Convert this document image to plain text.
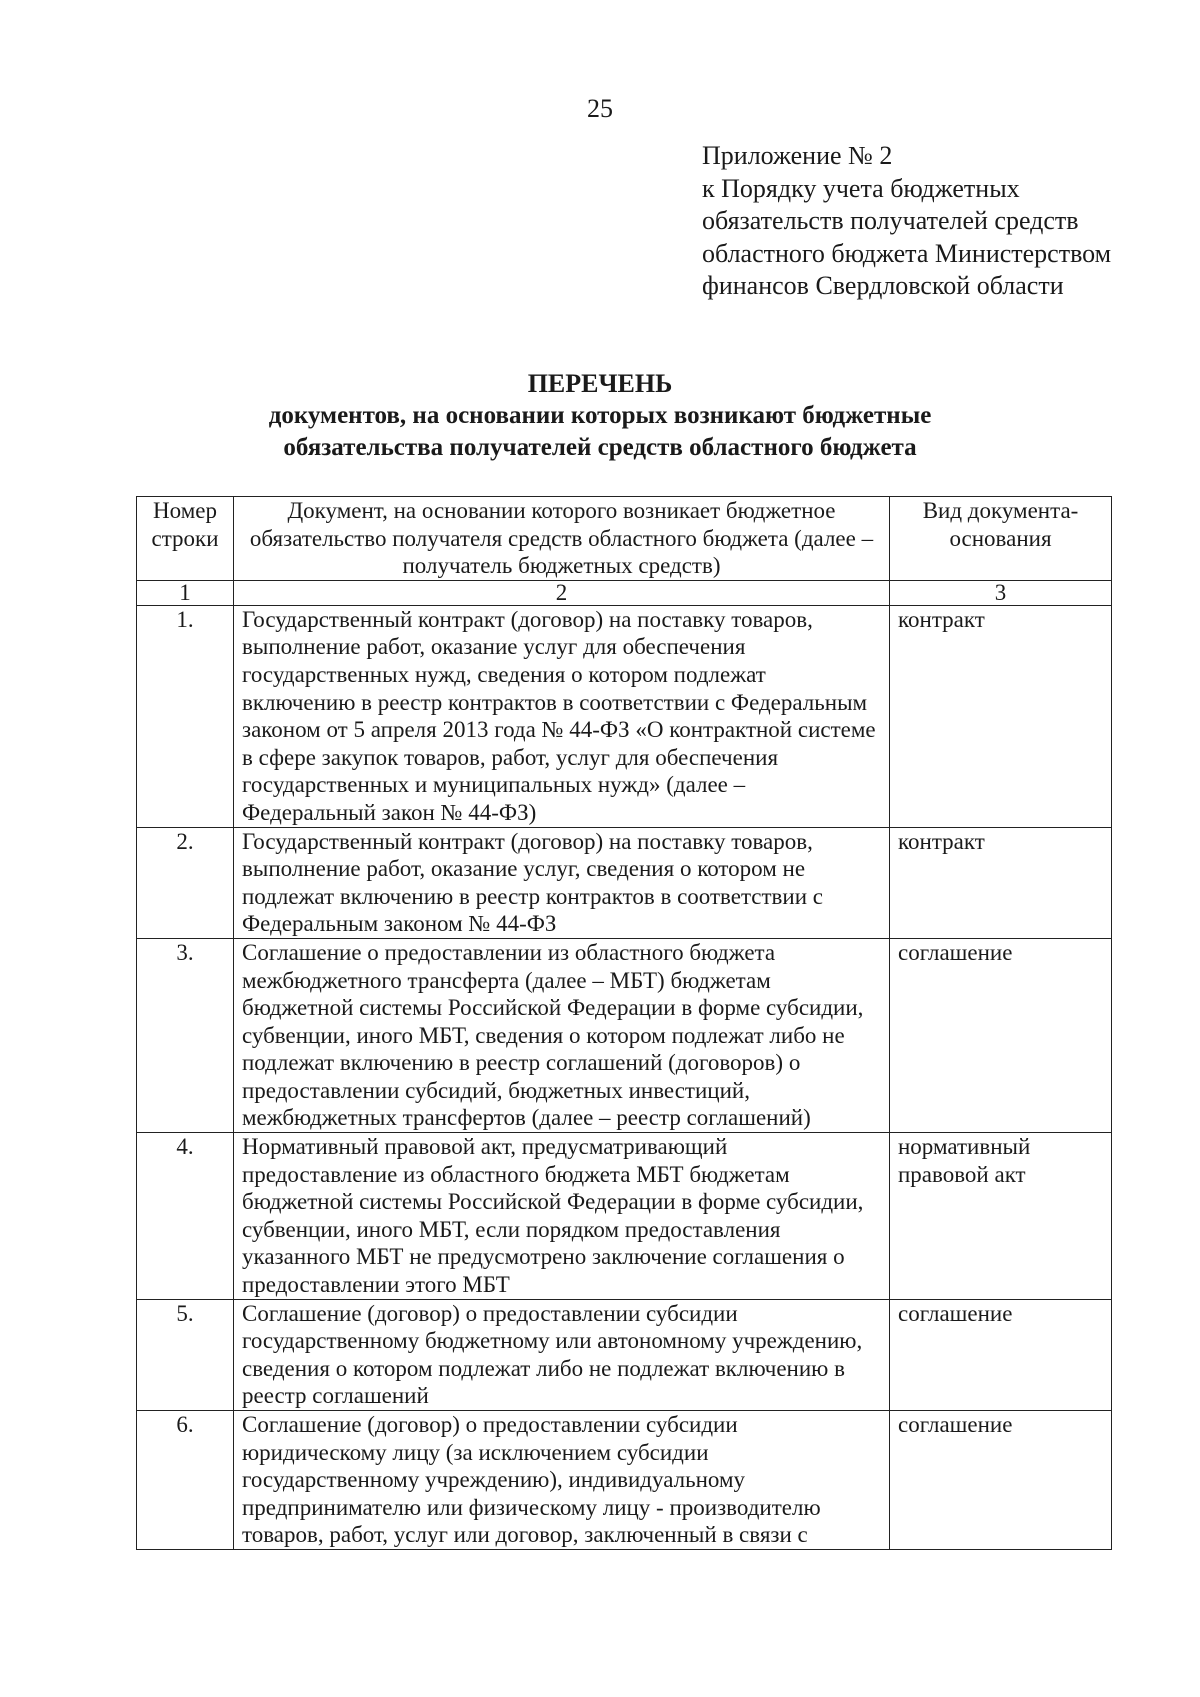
25
Приложение № 2
к Порядку учета бюджетных
обязательств получателей средств
областного бюджета Министерством
финансов Свердловской области
ПЕРЕЧЕНЬ
документов, на основании которых возникают бюджетные
обязательства получателей средств областного бюджета
Номер строки	Документ, на основании которого возникает бюджетное обязательство получателя средств областного бюджета (далее – получатель бюджетных средств)	Вид документа-основания
1	2	3
1.	Государственный контракт (договор) на поставку товаров, выполнение работ, оказание услуг для обеспечения государственных нужд, сведения о котором подлежат включению в реестр контрактов в соответствии с Федеральным законом от 5 апреля 2013 года № 44-ФЗ «О контрактной системе в сфере закупок товаров, работ, услуг для обеспечения государственных и муниципальных нужд» (далее – Федеральный закон № 44-ФЗ)	контракт
2.	Государственный контракт (договор) на поставку товаров, выполнение работ, оказание услуг, сведения о котором не подлежат включению в реестр контрактов в соответствии с Федеральным законом № 44-ФЗ	контракт
3.	Соглашение о предоставлении из областного бюджета межбюджетного трансферта (далее – МБТ) бюджетам бюджетной системы Российской Федерации в форме субсидии, субвенции, иного МБТ, сведения о котором подлежат либо не подлежат включению в реестр соглашений (договоров) о предоставлении субсидий, бюджетных инвестиций, межбюджетных трансфертов (далее – реестр соглашений)	соглашение
4.	Нормативный правовой акт, предусматривающий предоставление из областного бюджета МБТ бюджетам бюджетной системы Российской Федерации в форме субсидии, субвенции, иного МБТ, если порядком предоставления указанного МБТ не предусмотрено заключение соглашения о предоставлении этого МБТ	нормативный правовой акт
5.	Соглашение (договор) о предоставлении субсидии государственному бюджетному или автономному учреждению, сведения о котором подлежат либо не подлежат включению в реестр соглашений	соглашение
6.	Соглашение (договор) о предоставлении субсидии юридическому лицу (за исключением субсидии государственному учреждению), индивидуальному предпринимателю или физическому лицу - производителю товаров, работ, услуг или договор, заключенный в связи с	соглашение
